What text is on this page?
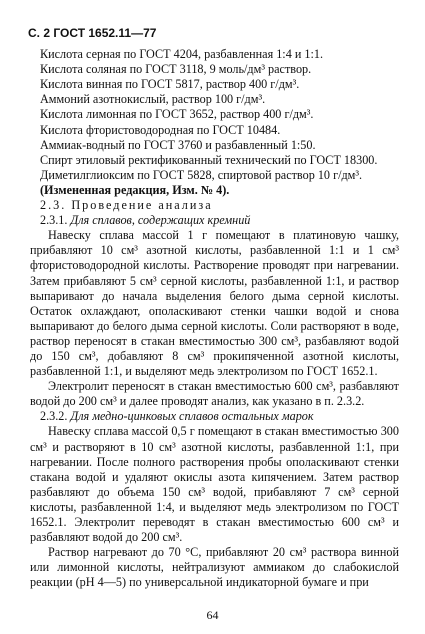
С. 2 ГОСТ 1652.11—77
Кислота серная по ГОСТ 4204, разбавленная 1:4 и 1:1.
Кислота соляная по ГОСТ 3118, 9 моль/дм³ раствор.
Кислота винная по ГОСТ 5817, раствор 400 г/дм³.
Аммоний азотнокислый, раствор 100 г/дм³.
Кислота лимонная по ГОСТ 3652, раствор 400 г/дм³.
Кислота фтористоводородная по ГОСТ 10484.
Аммиак-водный по ГОСТ 3760 и разбавленный 1:50.
Спирт этиловый ректификованный технический по ГОСТ 18300.
Диметилглиоксим по ГОСТ 5828, спиртовой раствор 10 г/дм³.
(Измененная редакция, Изм. № 4).
2.3. Проведение анализа
2.3.1. Для сплавов, содержащих кремний

Навеску сплава массой 1 г помещают в платиновую чашку, прибавляют 10 см³ азотной кислоты, разбавленной 1:1 и 1 см³ фтористоводородной кислоты. Растворение проводят при нагревании. Затем прибавляют 5 см³ серной кислоты, разбавленной 1:1, и раствор выпаривают до начала выделения белого дыма серной кислоты. Остаток охлаждают, ополаскивают стенки чашки водой и снова выпаривают до белого дыма серной кислоты. Соли растворяют в воде, раствор переносят в стакан вместимостью 300 см³, разбавляют водой до 150 см³, добавляют 8 см³ прокипяченной азотной кислоты, разбавленной 1:1, и выделяют медь электролизом по ГОСТ 1652.1.

Электролит переносят в стакан вместимостью 600 см³, разбавляют водой до 200 см³ и далее проводят анализ, как указано в п. 2.3.2.

2.3.2. Для медно-цинковых сплавов остальных марок

Навеску сплава массой 0,5 г помещают в стакан вместимостью 300 см³ и растворяют в 10 см³ азотной кислоты, разбавленной 1:1, при нагревании. После полного растворения пробы ополаскивают стенки стакана водой и удаляют окислы азота кипячением. Затем раствор разбавляют до объема 150 см³ водой, прибавляют 7 см³ серной кислоты, разбавленной 1:4, и выделяют медь электролизом по ГОСТ 1652.1. Электролит переводят в стакан вместимостью 600 см³ и разбавляют водой до 200 см³.

Раствор нагревают до 70 °С, прибавляют 20 см³ раствора винной или лимонной кислоты, нейтрализуют аммиаком до слабокислой реакции (рН 4—5) по универсальной индикаторной бумаге и при

64
